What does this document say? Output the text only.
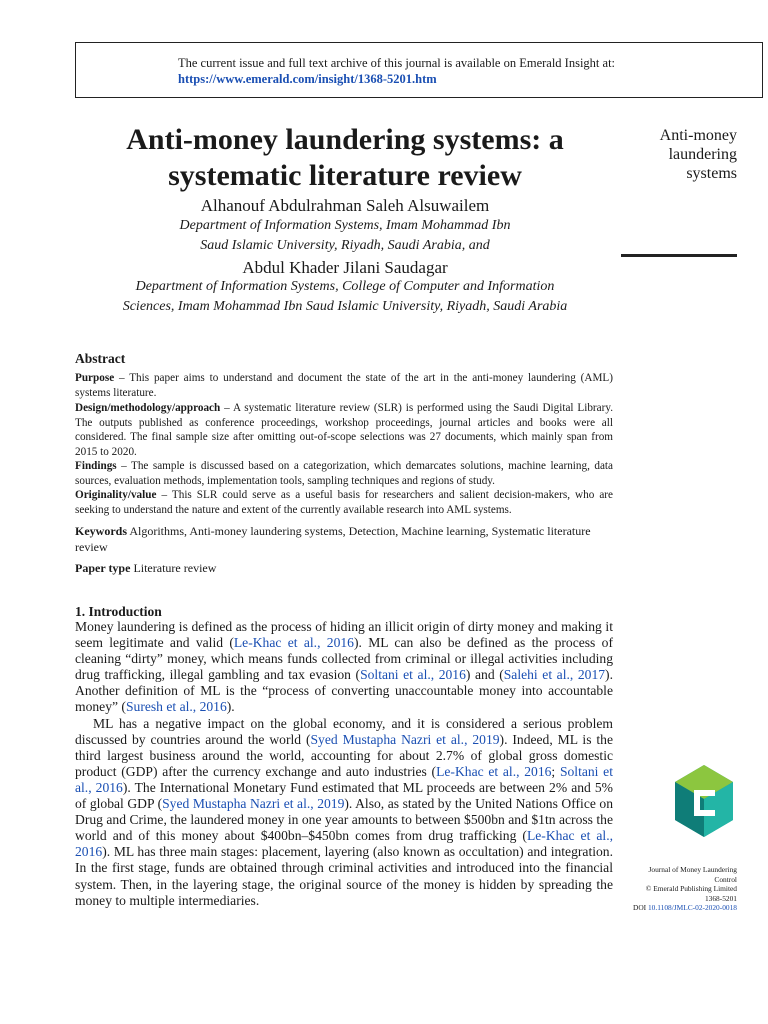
The current issue and full text archive of this journal is available on Emerald Insight at:
https://www.emerald.com/insight/1368-5201.htm
Anti-money laundering systems: a systematic literature review
Anti-money
laundering
systems
Alhanouf Abdulrahman Saleh Alsuwailem
Department of Information Systems, Imam Mohammad Ibn
Saud Islamic University, Riyadh, Saudi Arabia, and
Abdul Khader Jilani Saudagar
Department of Information Systems, College of Computer and Information
Sciences, Imam Mohammad Ibn Saud Islamic University, Riyadh, Saudi Arabia
Abstract
Purpose – This paper aims to understand and document the state of the art in the anti-money laundering (AML) systems literature.
Design/methodology/approach – A systematic literature review (SLR) is performed using the Saudi Digital Library. The outputs published as conference proceedings, workshop proceedings, journal articles and books were all considered. The final sample size after omitting out-of-scope selections was 27 documents, which mainly span from 2015 to 2020.
Findings – The sample is discussed based on a categorization, which demarcates solutions, machine learning, data sources, evaluation methods, implementation tools, sampling techniques and regions of study.
Originality/value – This SLR could serve as a useful basis for researchers and salient decision-makers, who are seeking to understand the nature and extent of the currently available research into AML systems.
Keywords Algorithms, Anti-money laundering systems, Detection, Machine learning, Systematic literature review
Paper type Literature review
1. Introduction

Money laundering is defined as the process of hiding an illicit origin of dirty money and making it seem legitimate and valid (Le-Khac et al., 2016). ML can also be defined as the process of cleaning “dirty” money, which means funds collected from criminal or illegal activities including drug trafficking, illegal gambling and tax evasion (Soltani et al., 2016) and (Salehi et al., 2017). Another definition of ML is the “process of converting unaccountable money into accountable money” (Suresh et al., 2016).

ML has a negative impact on the global economy, and it is considered a serious problem discussed by countries around the world (Syed Mustapha Nazri et al., 2019). Indeed, ML is the third largest business around the world, accounting for about 2.7% of global gross domestic product (GDP) after the currency exchange and auto industries (Le-Khac et al., 2016; Soltani et al., 2016). The International Monetary Fund estimated that ML proceeds are between 2% and 5% of global GDP (Syed Mustapha Nazri et al., 2019). Also, as stated by the United Nations Office on Drug and Crime, the laundered money in one year amounts to between $500bn and $1tn across the world and of this money about $400bn–$450bn comes from drug trafficking (Le-Khac et al., 2016). ML has three main stages: placement, layering (also known as occultation) and integration. In the first stage, funds are obtained through criminal activities and introduced into the financial system. Then, in the layering stage, the original source of the money is hidden by spreading the money to multiple intermediaries.

Journal of Money Laundering
Control
© Emerald Publishing Limited
1368-5201
DOI 10.1108/JMLC-02-2020-0018
